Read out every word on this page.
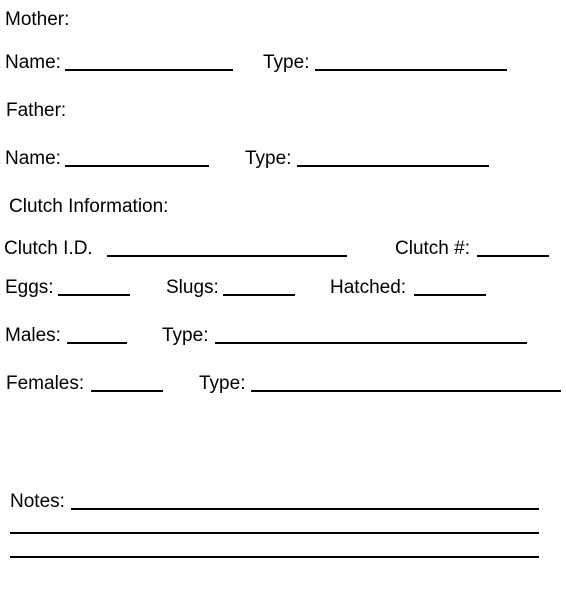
Mother:
Name:	Type:
Father:
Name:	Type:
Clutch Information:
Clutch I.D.	Clutch #:
Eggs:	Slugs:	Hatched:
Males:	Type:
Females:	Type:
Notes:
